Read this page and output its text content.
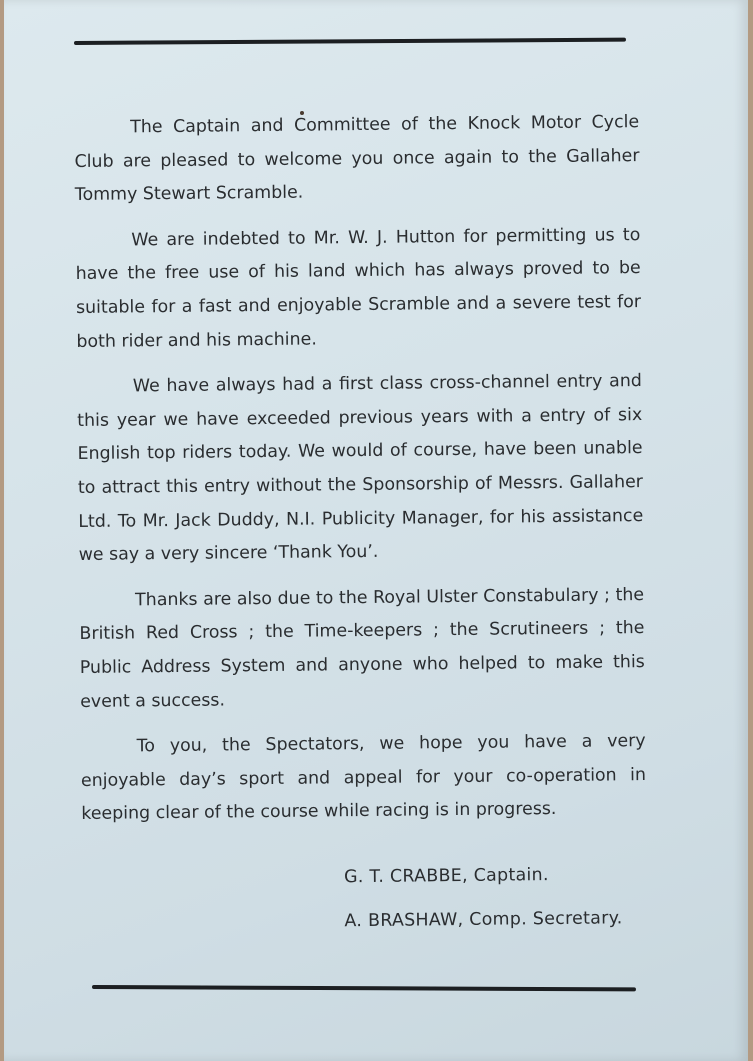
The Captain and Committee of the Knock Motor Cycle Club are pleased to welcome you once again to the Gallaher Tommy Stewart Scramble.

We are indebted to Mr. W. J. Hutton for permitting us to have the free use of his land which has always proved to be suitable for a fast and enjoyable Scramble and a severe test for both rider and his machine.

We have always had a first class cross-channel entry and this year we have exceeded previous years with a entry of six English top riders today. We would of course, have been unable to attract this entry without the Sponsorship of Messrs. Gallaher Ltd. To Mr. Jack Duddy, N.I. Publicity Manager, for his assistance we say a very sincere ‘Thank You’.

Thanks are also due to the Royal Ulster Constabulary ; the British Red Cross ; the Time-keepers ; the Scrutineers ; the Public Address System and anyone who helped to make this event a success.

To you, the Spectators, we hope you have a very enjoyable day’s sport and appeal for your co-operation in keeping clear of the course while racing is in progress.

G. T. CRABBE, Captain.
A. BRASHAW, Comp. Secretary.
